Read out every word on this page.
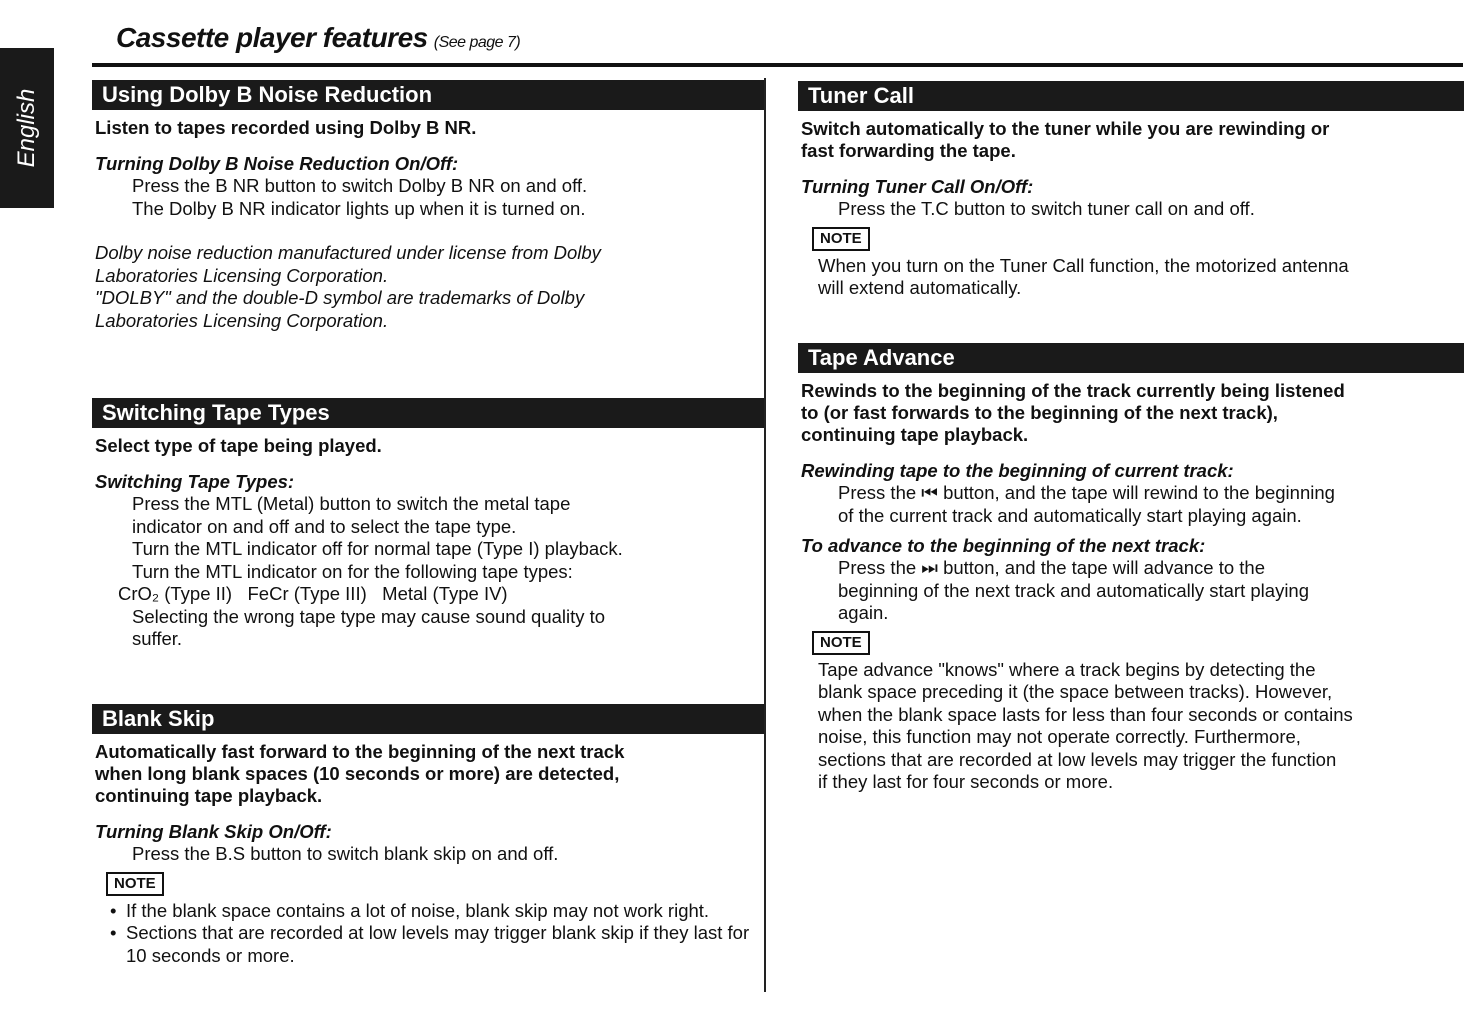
English
Cassette player features (See page 7)
Using Dolby B Noise Reduction
Listen to tapes recorded using Dolby B NR.
Turning Dolby B Noise Reduction On/Off:
Press the B NR button to switch Dolby B NR on and off.
The Dolby B NR indicator lights up when it is turned on.
Dolby noise reduction manufactured under license from Dolby
Laboratories Licensing Corporation.
"DOLBY" and the double-D symbol are trademarks of Dolby
Laboratories Licensing Corporation.
Switching Tape Types
Select type of tape being played.
Switching Tape Types:
Press the MTL (Metal) button to switch the metal tape
indicator on and off and to select the tape type.
Turn the MTL indicator off for normal tape (Type I) playback.
Turn the MTL indicator on for the following tape types:
CrO₂ (Type II)   FeCr (Type III)   Metal (Type IV)
Selecting the wrong tape type may cause sound quality to
suffer.
Blank Skip
Automatically fast forward to the beginning of the next track
when long blank spaces (10 seconds or more) are detected,
continuing tape playback.
Turning Blank Skip On/Off:
Press the B.S button to switch blank skip on and off.
NOTE
• If the blank space contains a lot of noise, blank skip may not work right.
• Sections that are recorded at low levels may trigger blank skip if they last for 10 seconds or more.
Tuner Call
Switch automatically to the tuner while you are rewinding or
fast forwarding the tape.
Turning Tuner Call On/Off:
Press the T.C button to switch tuner call on and off.
NOTE
When you turn on the Tuner Call function, the motorized antenna
will extend automatically.
Tape Advance
Rewinds to the beginning of the track currently being listened
to (or fast forwards to the beginning of the next track),
continuing tape playback.
Rewinding tape to the beginning of current track:
Press the ⏮ button, and the tape will rewind to the beginning
of the current track and automatically start playing again.
To advance to the beginning of the next track:
Press the ⏭ button, and the tape will advance to the
beginning of the next track and automatically start playing
again.
NOTE
Tape advance "knows" where a track begins by detecting the
blank space preceding it (the space between tracks). However,
when the blank space lasts for less than four seconds or contains
noise, this function may not operate correctly. Furthermore,
sections that are recorded at low levels may trigger the function
if they last for four seconds or more.
